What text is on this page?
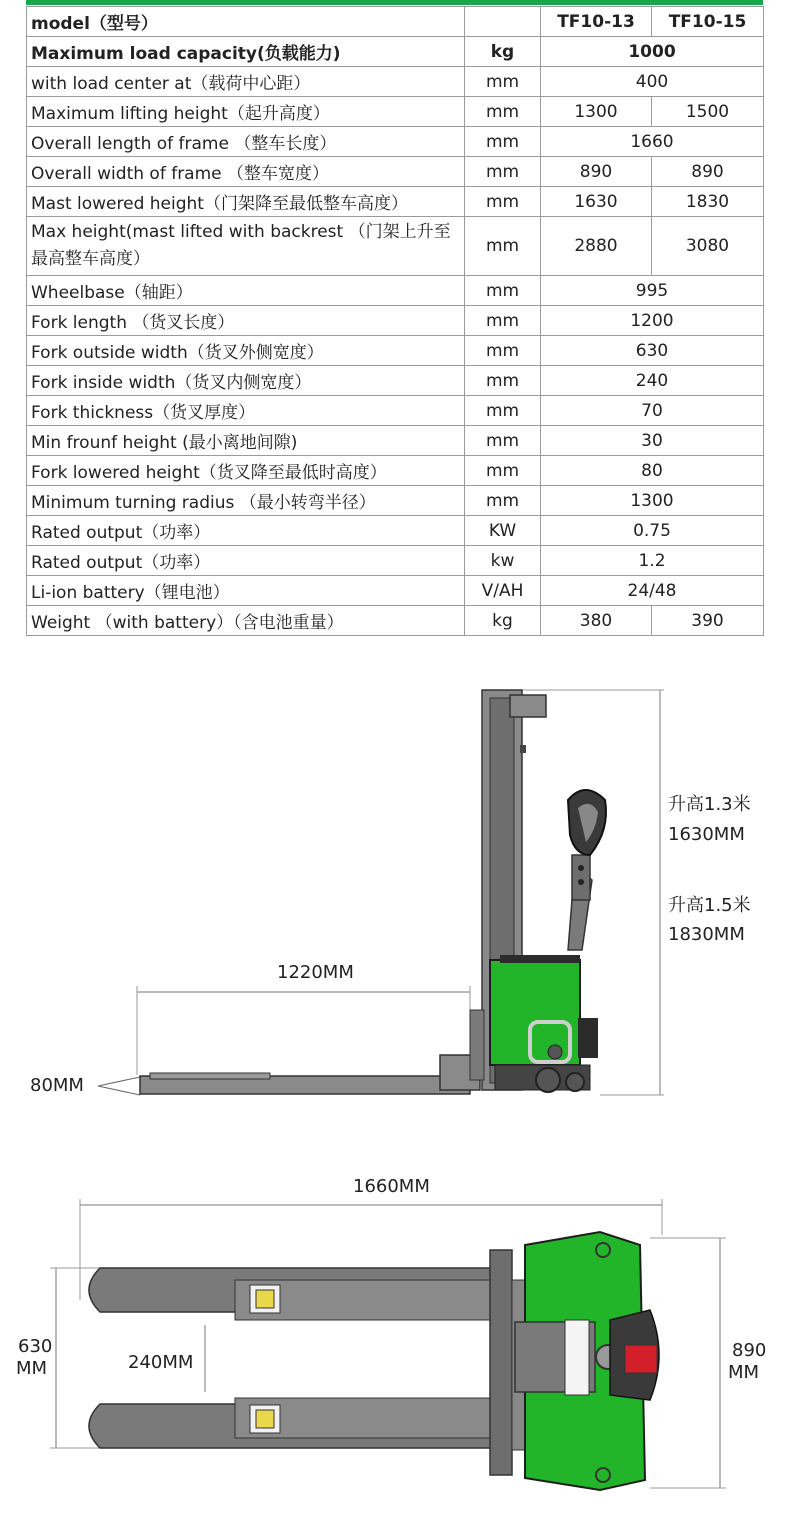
model（型号）		TF10-13	TF10-15
Maximum load capacity(负载能力)	kg	1000	
with load center at（载荷中心距）	mm	400	
Maximum lifting height（起升高度）	mm	1300	1500
Overall length of frame （整车长度）	mm	1660	
Overall width of frame （整车宽度）	mm	890	890
Mast lowered height（门架降至最低整车高度）	mm	1630	1830
Max height(mast lifted with backrest （门架上升至最高整车高度）	mm	2880	3080
Wheelbase（轴距）	mm	995	
Fork length （货叉长度）	mm	1200	
Fork outside width（货叉外侧宽度）	mm	630	
Fork inside width（货叉内侧宽度）	mm	240	
Fork thickness（货叉厚度）	mm	70	
Min frounf height (最小离地间隙)	mm	30	
Fork lowered height（货叉降至最低时高度）	mm	80	
Minimum turning radius （最小转弯半径）	mm	1300	
Rated output（功率）	KW	0.75	
Rated output（功率）	kw	1.2	
Li-ion battery（锂电池）	V/AH	24/48	
Weight （with battery）（含电池重量）	kg	380	390
1220MM
80MM
升高1.3米
1630MM
升高1.5米
1830MM
1660MM
630
MM	240MM
890
MM
